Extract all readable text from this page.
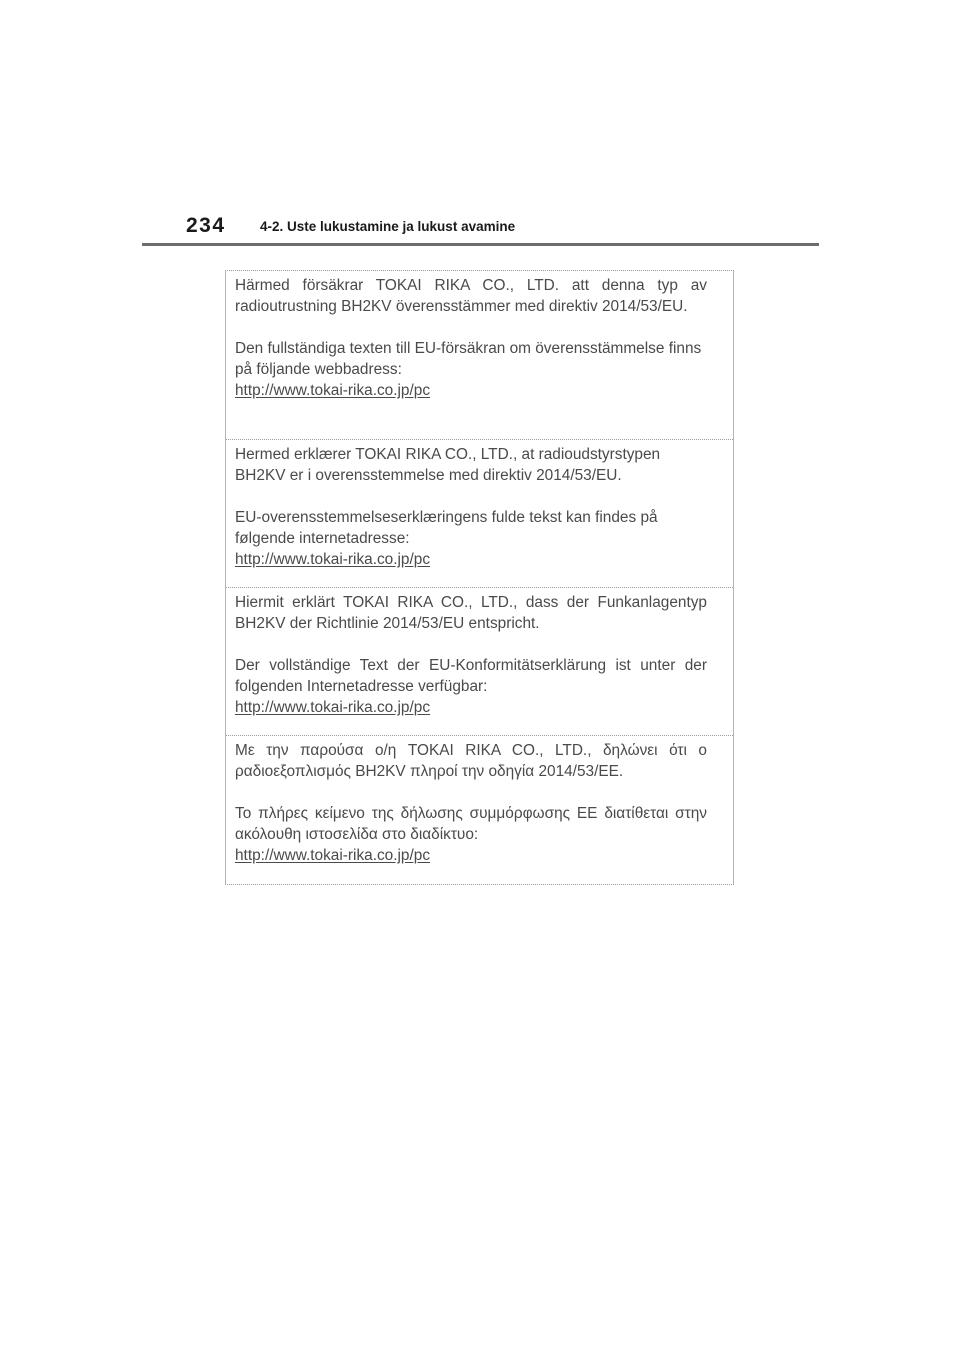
234	4-2. Uste lukustamine ja lukust avamine

Härmed försäkrar TOKAI RIKA CO., LTD. att denna typ av radioutrustning BH2KV överensstämmer med direktiv 2014/53/EU.

Den fullständiga texten till EU-försäkran om överensstämmelse finns på följande webbadress:
http://www.tokai-rika.co.jp/pc

Hermed erklærer TOKAI RIKA CO., LTD., at radioudstyrstypen BH2KV er i overensstemmelse med direktiv 2014/53/EU.

EU-overensstemmelseserklæringens fulde tekst kan findes på følgende internetadresse:
http://www.tokai-rika.co.jp/pc

Hiermit erklärt TOKAI RIKA CO., LTD., dass der Funkanlagentyp BH2KV der Richtlinie 2014/53/EU entspricht.

Der vollständige Text der EU-Konformitätserklärung ist unter der folgenden Internetadresse verfügbar:
http://www.tokai-rika.co.jp/pc

Με την παρούσα ο/η TOKAI RIKA CO., LTD., δηλώνει ότι ο ραδιοεξοπλισμός BH2KV πληροί την οδηγία 2014/53/ΕΕ.

Το πλήρες κείμενο της δήλωσης συμμόρφωσης ΕΕ διατίθεται στην ακόλουθη ιστοσελίδα στο διαδίκτυο:
http://www.tokai-rika.co.jp/pc
